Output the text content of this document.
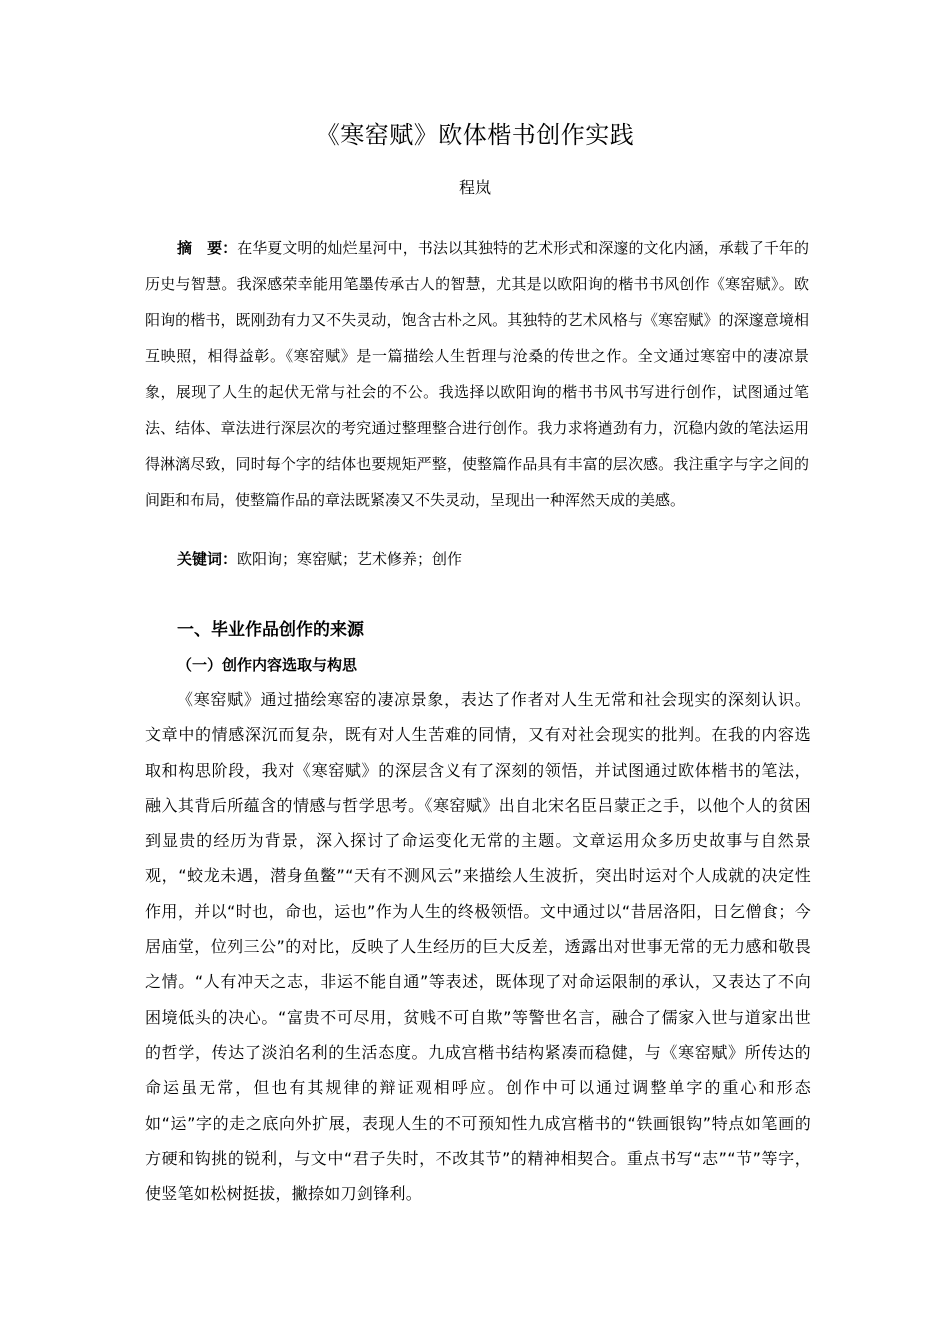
《寒窑赋》欧体楷书创作实践
程岚

摘　要：在华夏文明的灿烂星河中，书法以其独特的艺术形式和深邃的文化内涵，承载了千年的历史与智慧。我深感荣幸能用笔墨传承古人的智慧，尤其是以欧阳询的楷书书风创作《寒窑赋》。欧阳询的楷书，既刚劲有力又不失灵动，饱含古朴之风。其独特的艺术风格与《寒窑赋》的深邃意境相互映照，相得益彰。《寒窑赋》是一篇描绘人生哲理与沧桑的传世之作。全文通过寒窑中的凄凉景象，展现了人生的起伏无常与社会的不公。我选择以欧阳询的楷书书风书写进行创作，试图通过笔法、结体、章法进行深层次的考究通过整理整合进行创作。我力求将遒劲有力，沉稳内敛的笔法运用得淋漓尽致，同时每个字的结体也要规矩严整，使整篇作品具有丰富的层次感。我注重字与字之间的间距和布局，使整篇作品的章法既紧凑又不失灵动，呈现出一种浑然天成的美感。

关键词：欧阳询；寒窑赋；艺术修养；创作

一、毕业作品创作的来源
（一）创作内容选取与构思

《寒窑赋》通过描绘寒窑的凄凉景象，表达了作者对人生无常和社会现实的深刻认识。文章中的情感深沉而复杂，既有对人生苦难的同情，又有对社会现实的批判。在我的内容选取和构思阶段，我对《寒窑赋》的深层含义有了深刻的领悟，并试图通过欧体楷书的笔法，融入其背后所蕴含的情感与哲学思考。《寒窑赋》出自北宋名臣吕蒙正之手，以他个人的贫困到显贵的经历为背景，深入探讨了命运变化无常的主题。文章运用众多历史故事与自然景观，“蛟龙未遇，潜身鱼鳖”“天有不测风云”来描绘人生波折，突出时运对个人成就的决定性作用，并以“时也，命也，运也”作为人生的终极领悟。文中通过以“昔居洛阳，日乞僧食；今居庙堂，位列三公”的对比，反映了人生经历的巨大反差，透露出对世事无常的无力感和敬畏之情。“人有冲天之志，非运不能自通”等表述，既体现了对命运限制的承认，又表达了不向困境低头的决心。“富贵不可尽用，贫贱不可自欺”等警世名言，融合了儒家入世与道家出世的哲学，传达了淡泊名利的生活态度。九成宫楷书结构紧凑而稳健，与《寒窑赋》所传达的命运虽无常，但也有其规律的辩证观相呼应。创作中可以通过调整单字的重心和形态如“运”字的走之底向外扩展，表现人生的不可预知性九成宫楷书的“铁画银钩”特点如笔画的方硬和钩挑的锐利，与文中“君子失时，不改其节”的精神相契合。重点书写“志”“节”等字，使竖笔如松树挺拔，撇捺如刀剑锋利。
